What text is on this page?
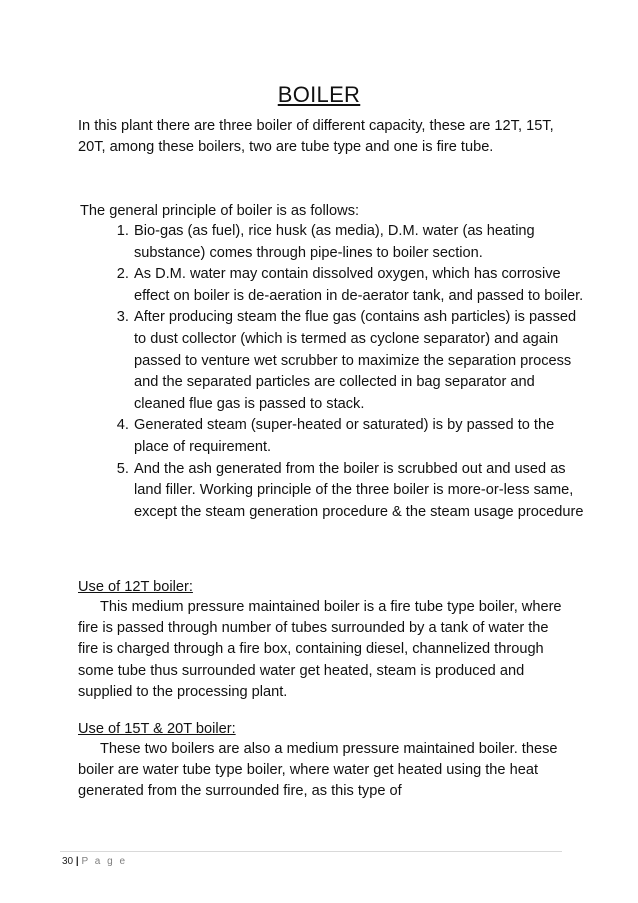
BOILER

In this plant there are three boiler of different capacity, these are 12T, 15T, 20T, among these boilers, two are tube type and one is fire tube.

The general principle of boiler is as follows:

1. Bio-gas (as fuel), rice husk (as media), D.M. water (as heating substance) comes through pipe-lines to boiler section.
2. As D.M. water may contain dissolved oxygen, which has corrosive effect on boiler is de-aeration in de-aerator tank, and passed to boiler.
3. After producing steam the flue gas (contains ash particles) is passed to dust collector (which is termed as cyclone separator) and again passed to venture wet scrubber to maximize the separation process and the separated particles are collected in bag separator and cleaned flue gas is passed to stack.
4. Generated steam (super-heated or saturated) is by passed to the place of requirement.
5. And the ash generated from the boiler is scrubbed out and used as land filler. Working principle of the three boiler is more-or-less same, except the steam generation procedure & the steam usage procedure
Use of 12T boiler:

This medium pressure maintained boiler is a fire tube type boiler, where fire is passed through number of tubes surrounded by a tank of water the fire is charged through a fire box, containing diesel, channelized through some tube thus surrounded water get heated, steam is produced and supplied to the processing plant.

Use of 15T & 20T boiler:

These two boilers are also a medium pressure maintained boiler. these boiler are water tube type boiler, where water get heated using the heat generated from the surrounded fire, as this type of

30 | P a g e
